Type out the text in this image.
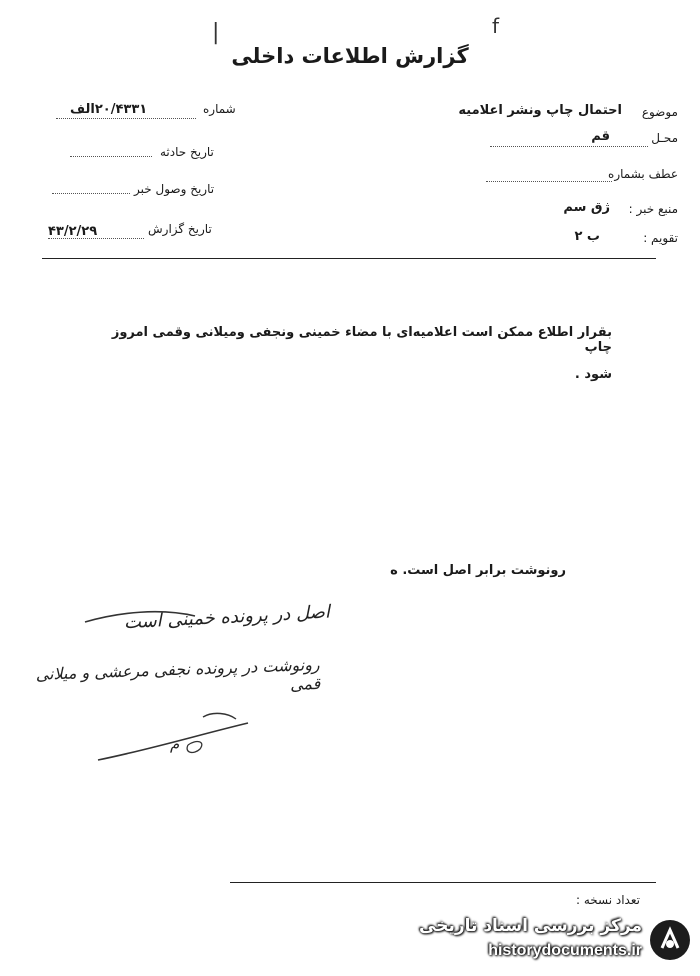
|	f
گزارش اطلاعات داخلی
موضوع
احتمال چاپ ونشر اعلامیه
محـل
قم
عطف بشماره
منبع خبر :
ژق سم
تقویم :
ب ۲
شماره
۲۰/۴۳۳۱الف
تاریخ حادثه
تاریخ وصول خبر
تاریخ گزارش
۴۳/۲/۲۹
بقرار اطلاع ممکن است اعلامیه‌ای با مضاء خمینی ونجفی ومیلانی وقمی امروز چاپ
شود .
رونوشت برابر اصل است. ه
اصل در پرونده خمینی است
رونوشت در پرونده نجفی مرعشی و میلانی قمی
م
تعداد نسخه :
مرکز بررسی اسناد تاریخی
historydocuments.ir
